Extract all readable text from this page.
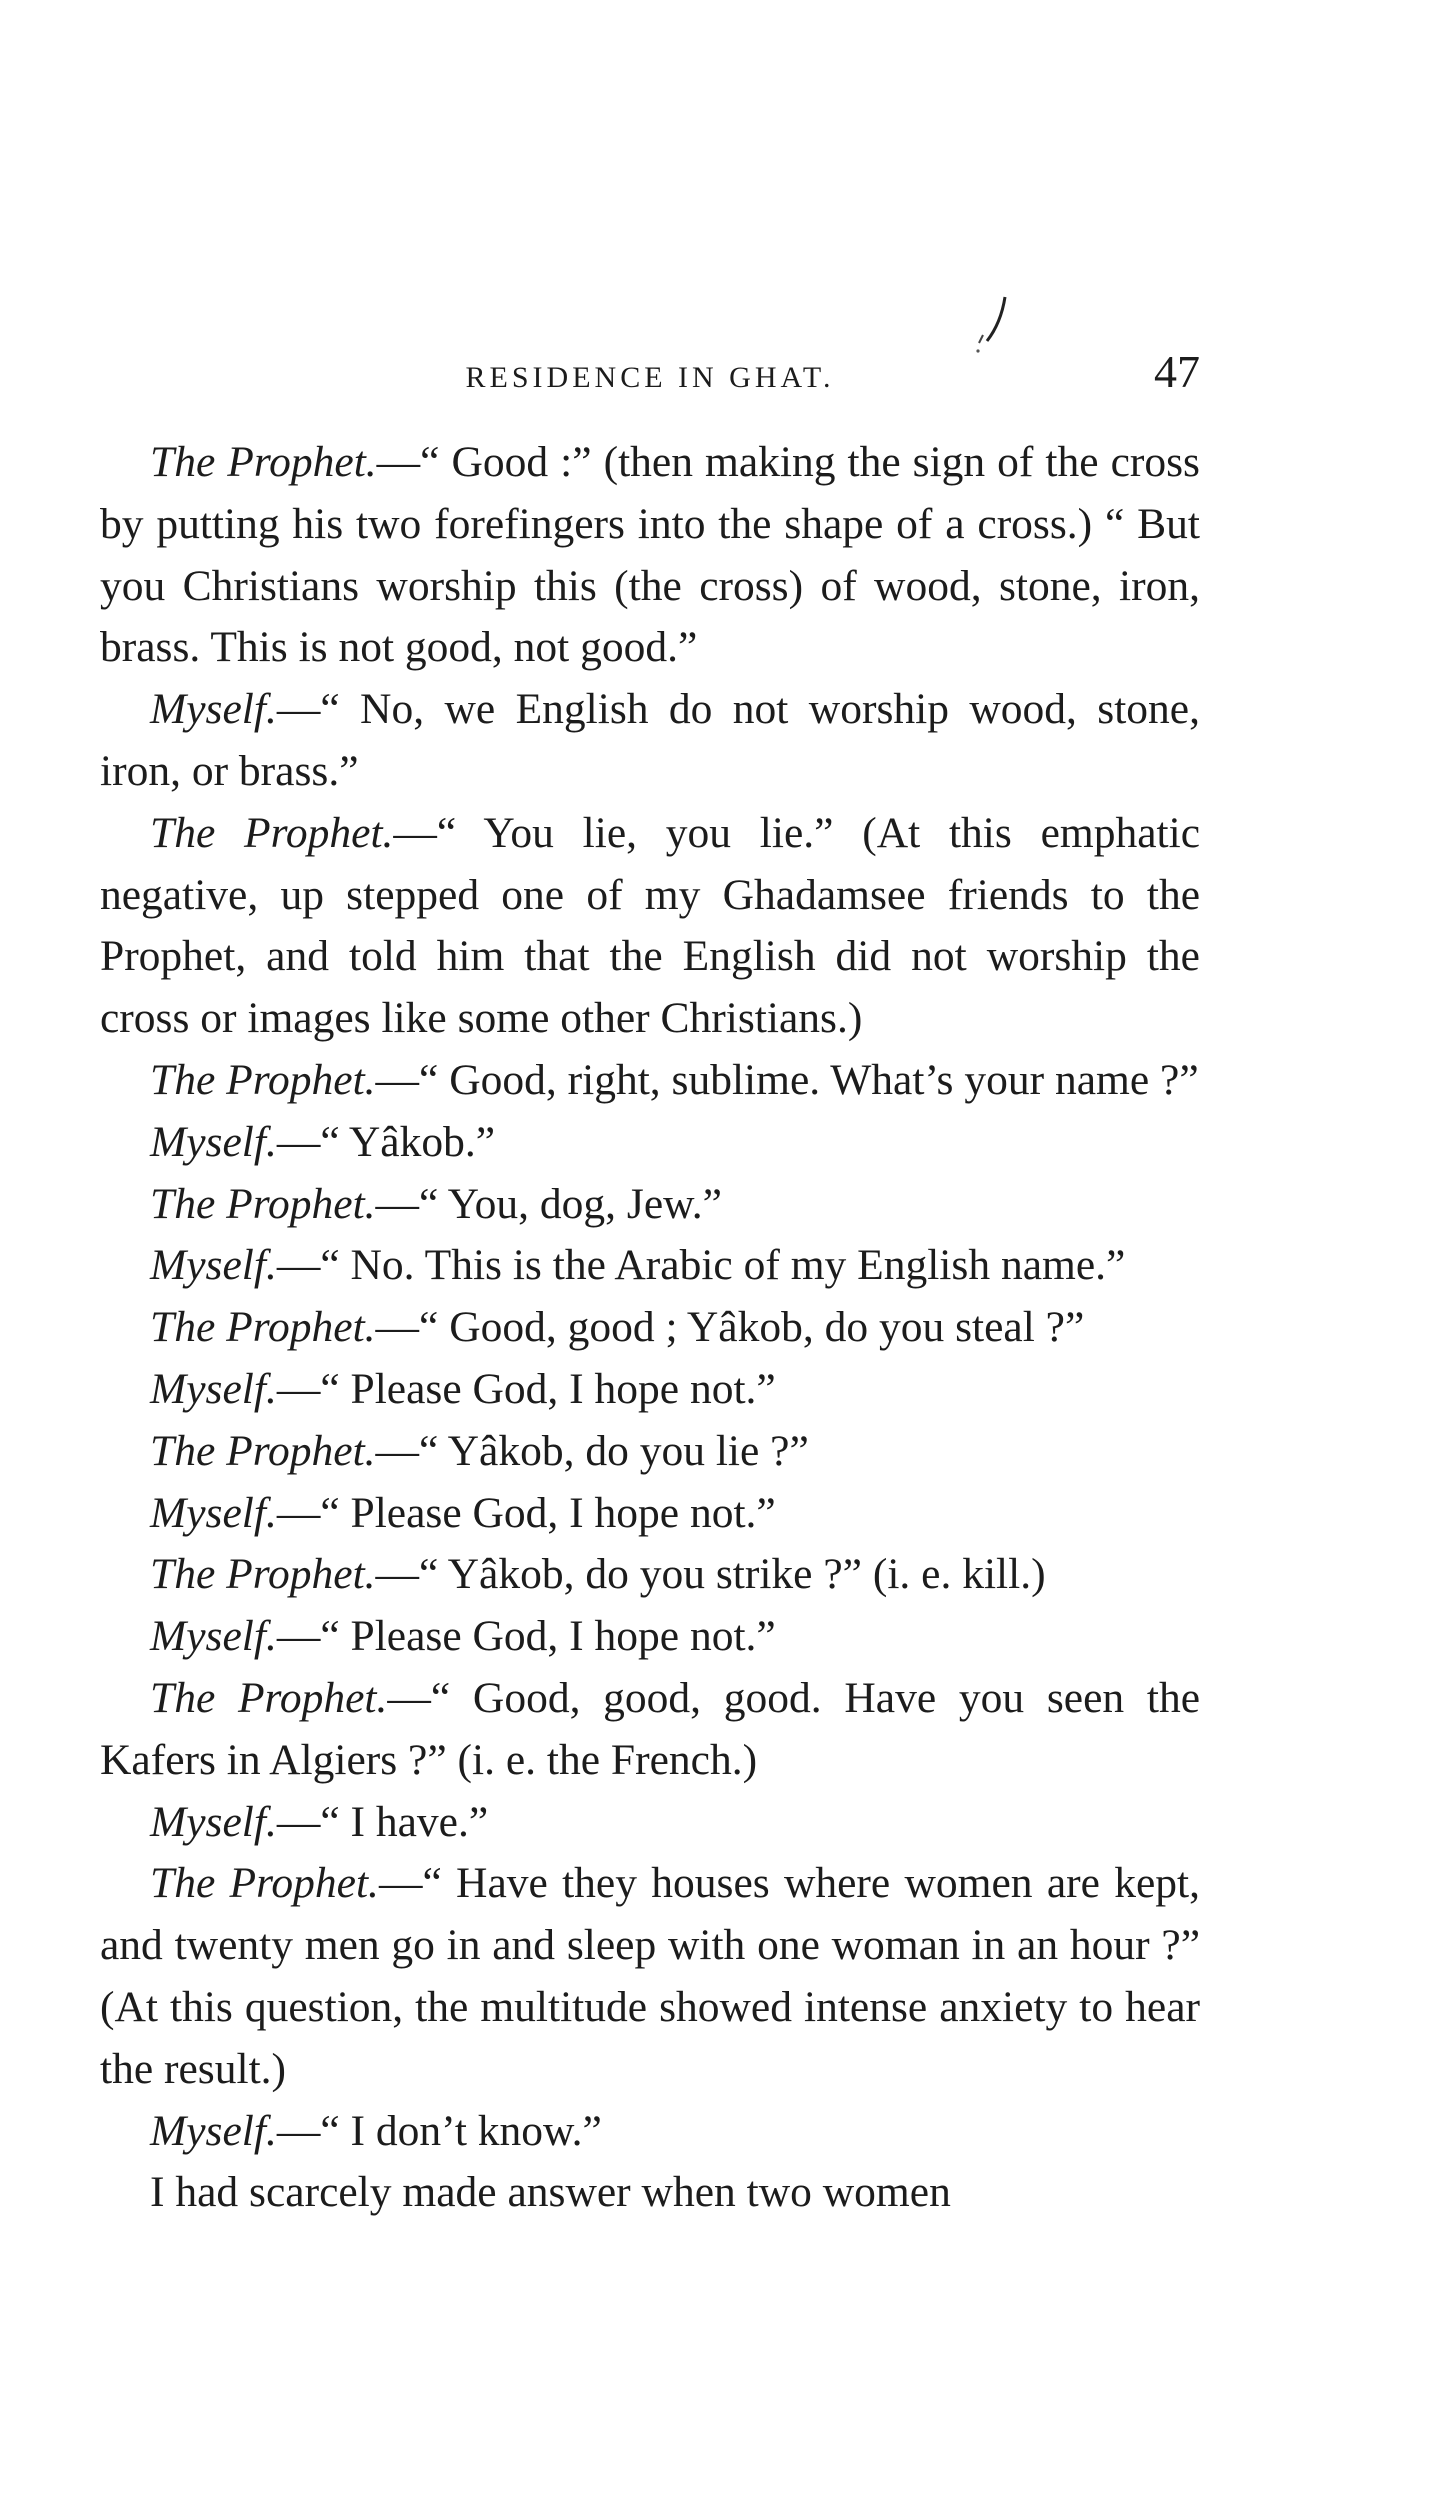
RESIDENCE IN GHAT.	47

The Prophet.—“ Good :” (then making the sign of the cross by putting his two forefingers into the shape of a cross.) “ But you Christians worship this (the cross) of wood, stone, iron, brass. This is not good, not good.”

Myself.—“ No, we English do not worship wood, stone, iron, or brass.”

The Prophet.—“ You lie, you lie.” (At this emphatic negative, up stepped one of my Ghadamsee friends to the Prophet, and told him that the English did not worship the cross or images like some other Christians.)

The Prophet.—“ Good, right, sublime. What’s your name ?”

Myself.—“ Yâkob.”

The Prophet.—“ You, dog, Jew.”

Myself.—“ No. This is the Arabic of my English name.”

The Prophet.—“ Good, good ; Yâkob, do you steal ?”

Myself.—“ Please God, I hope not.”

The Prophet.—“ Yâkob, do you lie ?”

Myself.—“ Please God, I hope not.”

The Prophet.—“ Yâkob, do you strike ?” (i. e. kill.)

Myself.—“ Please God, I hope not.”

The Prophet.—“ Good, good, good. Have you seen the Kafers in Algiers ?” (i. e. the French.)

Myself.—“ I have.”

The Prophet.—“ Have they houses where women are kept, and twenty men go in and sleep with one woman in an hour ?” (At this question, the multitude showed intense anxiety to hear the result.)

Myself.—“ I don’t know.”

I had scarcely made answer when two women
